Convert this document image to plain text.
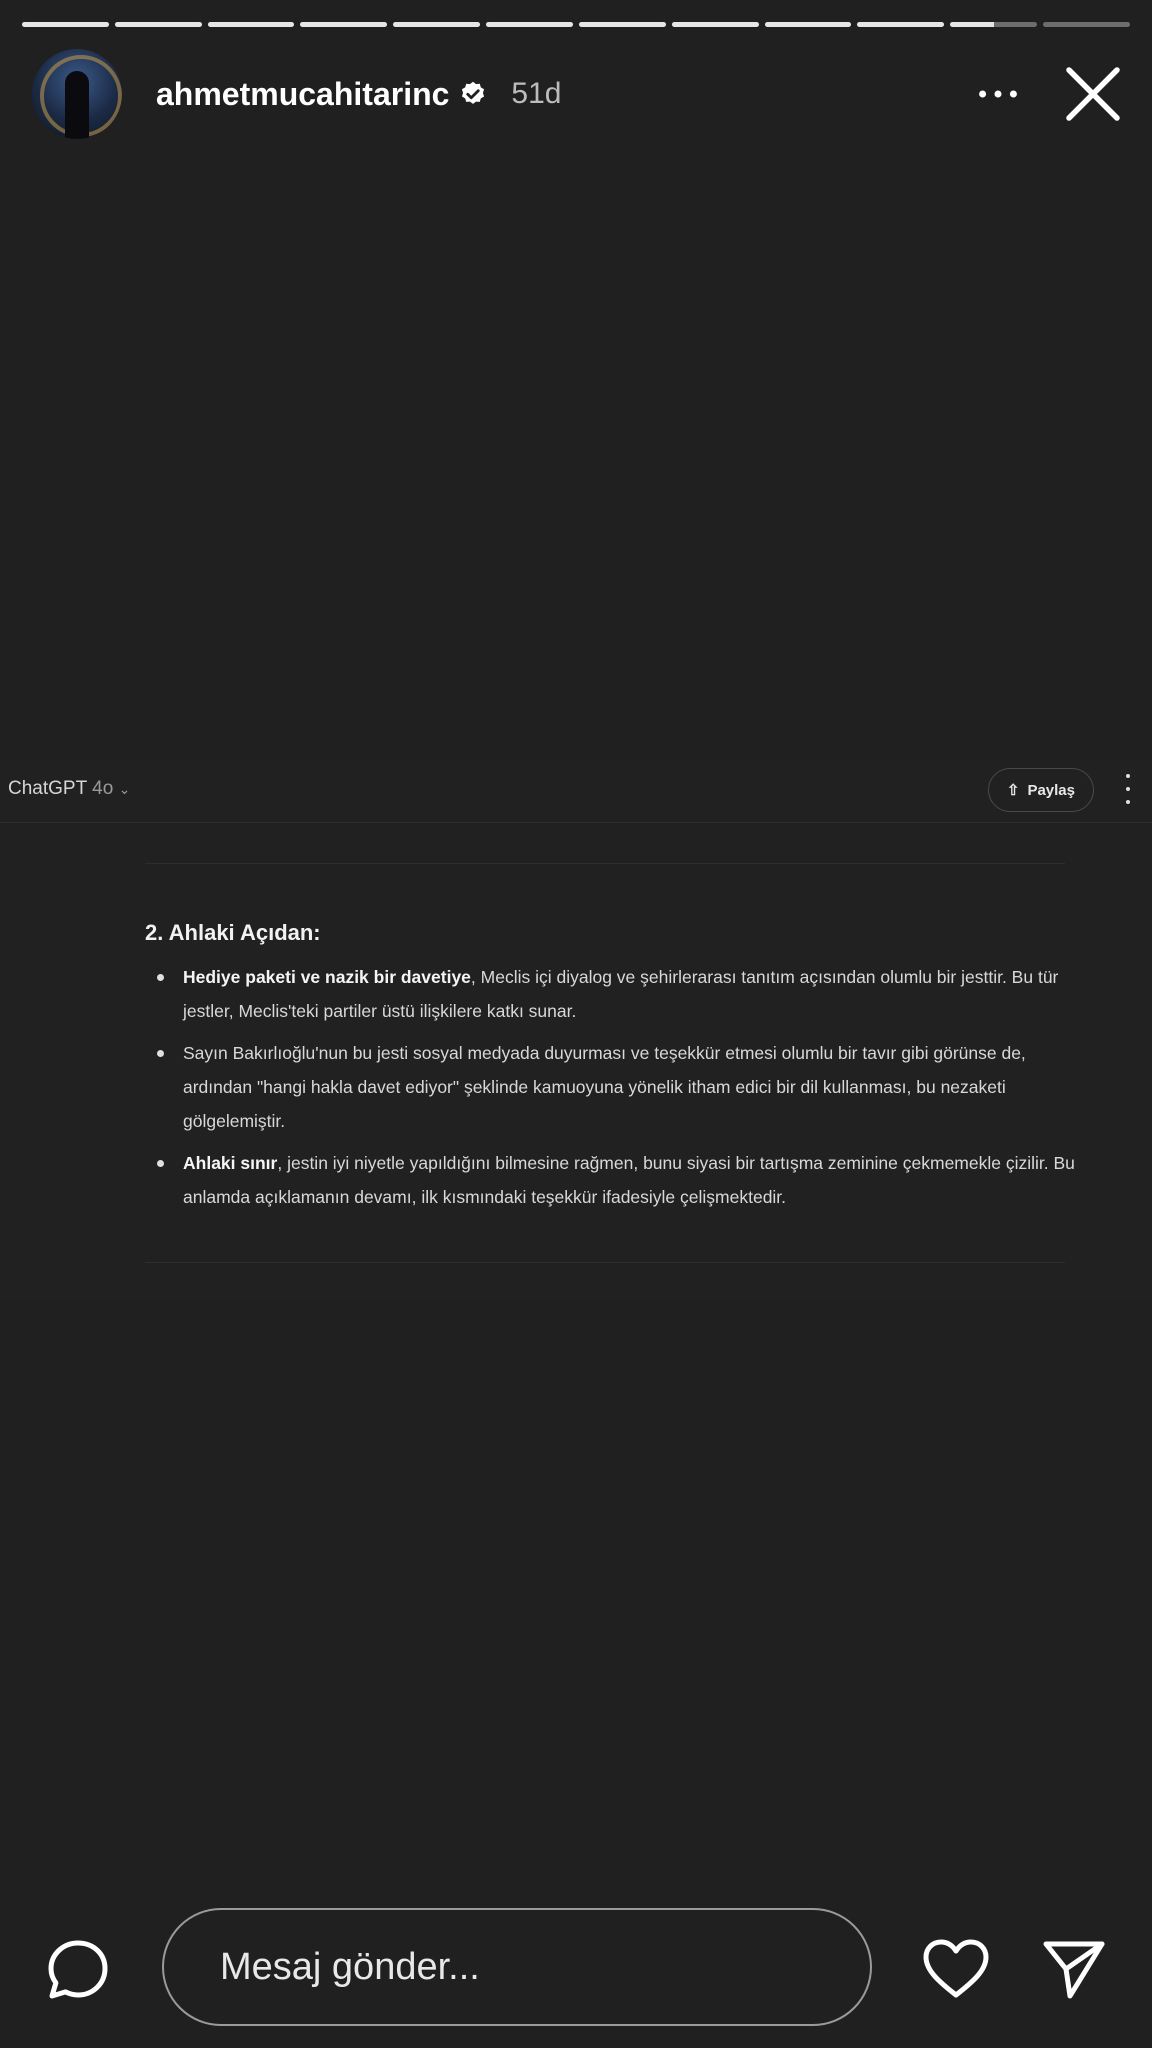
ahmetmucahitarinc 51d
ChatGPT 4o ⌄	⇧ Paylaş
2. Ahlaki Açıdan:
Hediye paketi ve nazik bir davetiye, Meclis içi diyalog ve şehirlerarası tanıtım açısından olumlu bir jesttir. Bu tür jestler, Meclis'teki partiler üstü ilişkilere katkı sunar.
Sayın Bakırlıoğlu'nun bu jesti sosyal medyada duyurması ve teşekkür etmesi olumlu bir tavır gibi görünse de, ardından "hangi hakla davet ediyor" şeklinde kamuoyuna yönelik itham edici bir dil kullanması, bu nezaketi gölgelemiştir.
Ahlaki sınır, jestin iyi niyetle yapıldığını bilmesine rağmen, bunu siyasi bir tartışma zeminine çekmemekle çizilir. Bu anlamda açıklamanın devamı, ilk kısmındaki teşekkür ifadesiyle çelişmektedir.
Mesaj gönder...
